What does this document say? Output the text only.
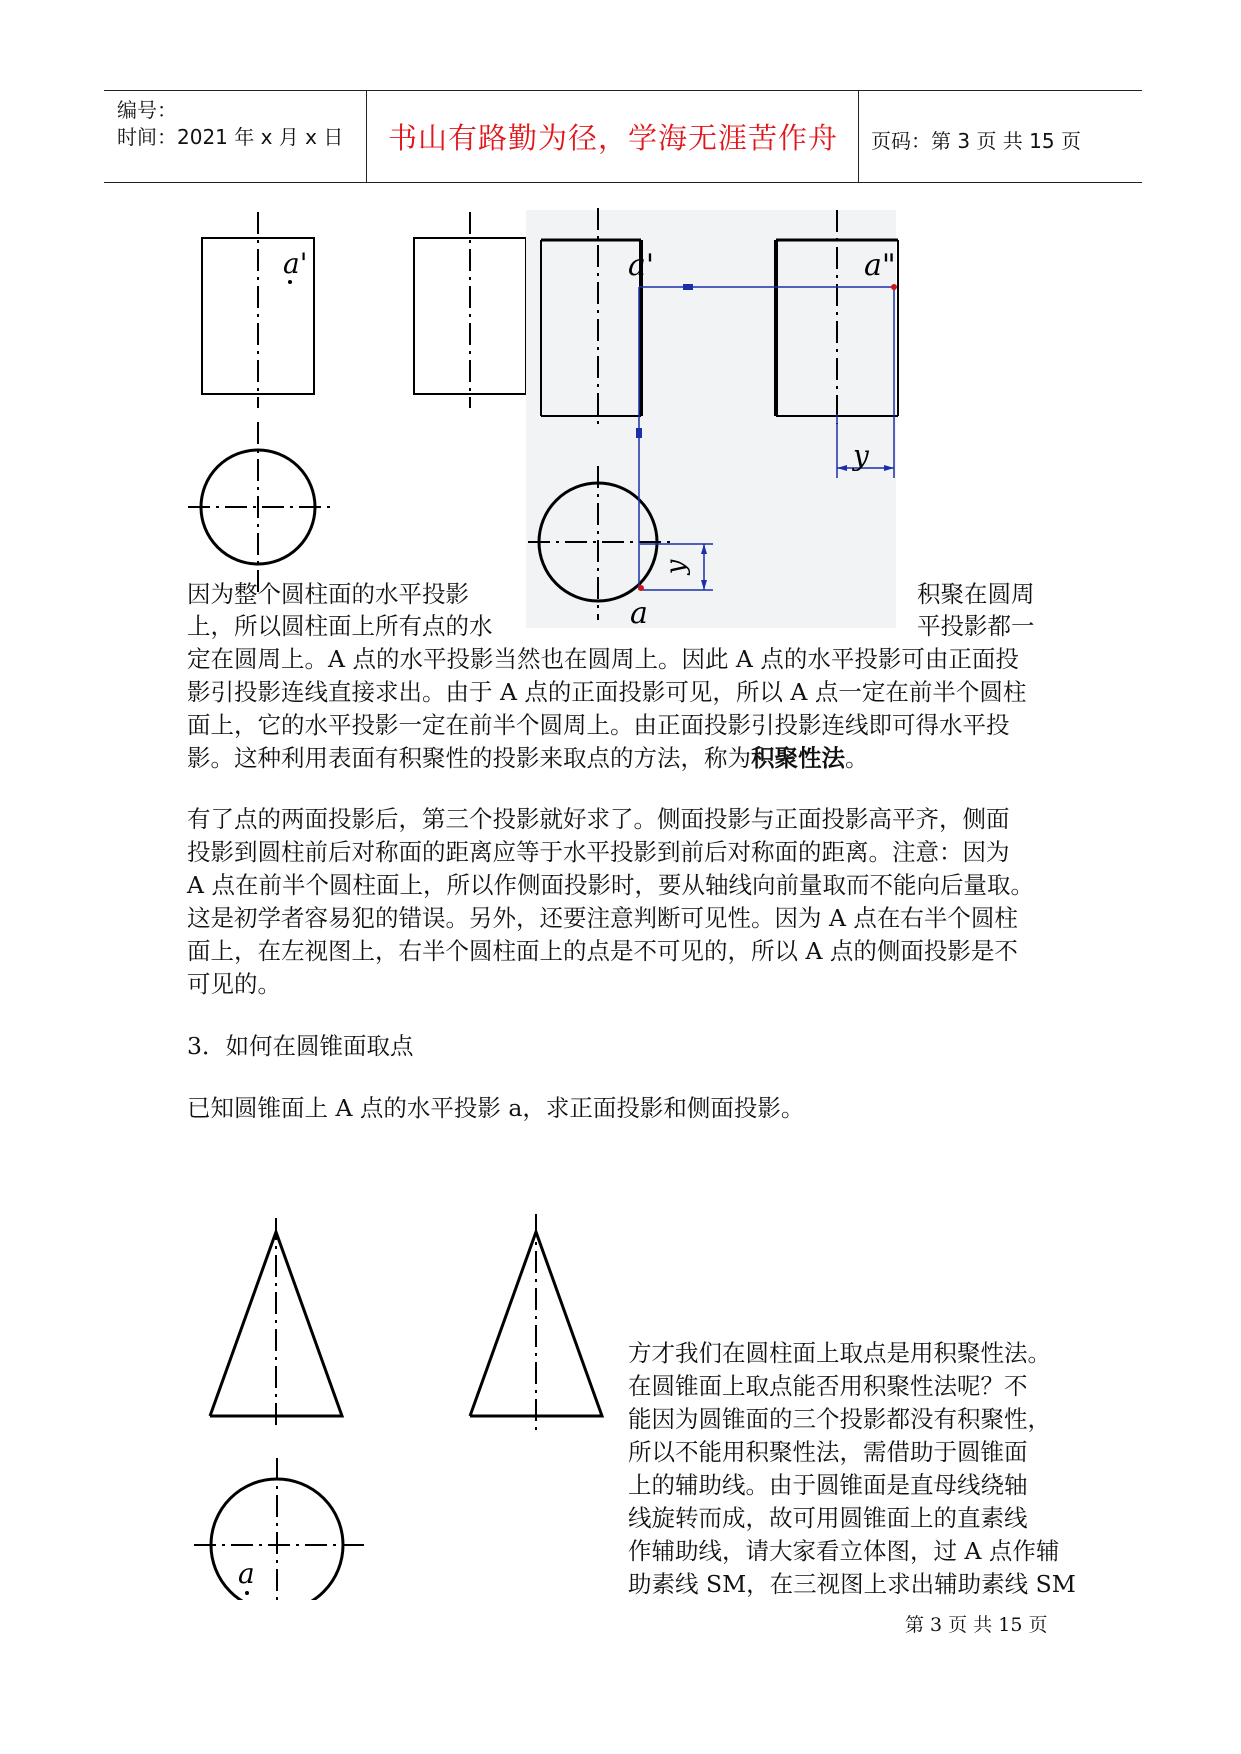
编号：
时间：2021 年 x 月 x 日	书山有路勤为径，学海无涯苦作舟	页码：第 3 页 共 15 页
a'	a'	a"
y
y
a
因为整个圆柱面的水平投影	积聚在圆周
上，所以圆柱面上所有点的水	平投影都一
定在圆周上。A 点的水平投影当然也在圆周上。因此 A 点的水平投影可由正面投
影引投影连线直接求出。由于 A 点的正面投影可见，所以 A 点一定在前半个圆柱
面上，它的水平投影一定在前半个圆周上。由正面投影引投影连线即可得水平投
影。这种利用表面有积聚性的投影来取点的方法，称为积聚性法。
有了点的两面投影后，第三个投影就好求了。侧面投影与正面投影高平齐，侧面
投影到圆柱前后对称面的距离应等于水平投影到前后对称面的距离。注意：因为
A 点在前半个圆柱面上，所以作侧面投影时，要从轴线向前量取而不能向后量取。
这是初学者容易犯的错误。另外，还要注意判断可见性。因为 A 点在右半个圆柱
面上，在左视图上，右半个圆柱面上的点是不可见的，所以 A 点的侧面投影是不
可见的。
3．如何在圆锥面取点
已知圆锥面上 A 点的水平投影 a，求正面投影和侧面投影。
a
方才我们在圆柱面上取点是用积聚性法。
在圆锥面上取点能否用积聚性法呢？不
能因为圆锥面的三个投影都没有积聚性，
所以不能用积聚性法，需借助于圆锥面
上的辅助线。由于圆锥面是直母线绕轴
线旋转而成，故可用圆锥面上的直素线
作辅助线，请大家看立体图，过 A 点作辅
助素线 SM，在三视图上求出辅助素线 SM
第 3 页 共 15 页
